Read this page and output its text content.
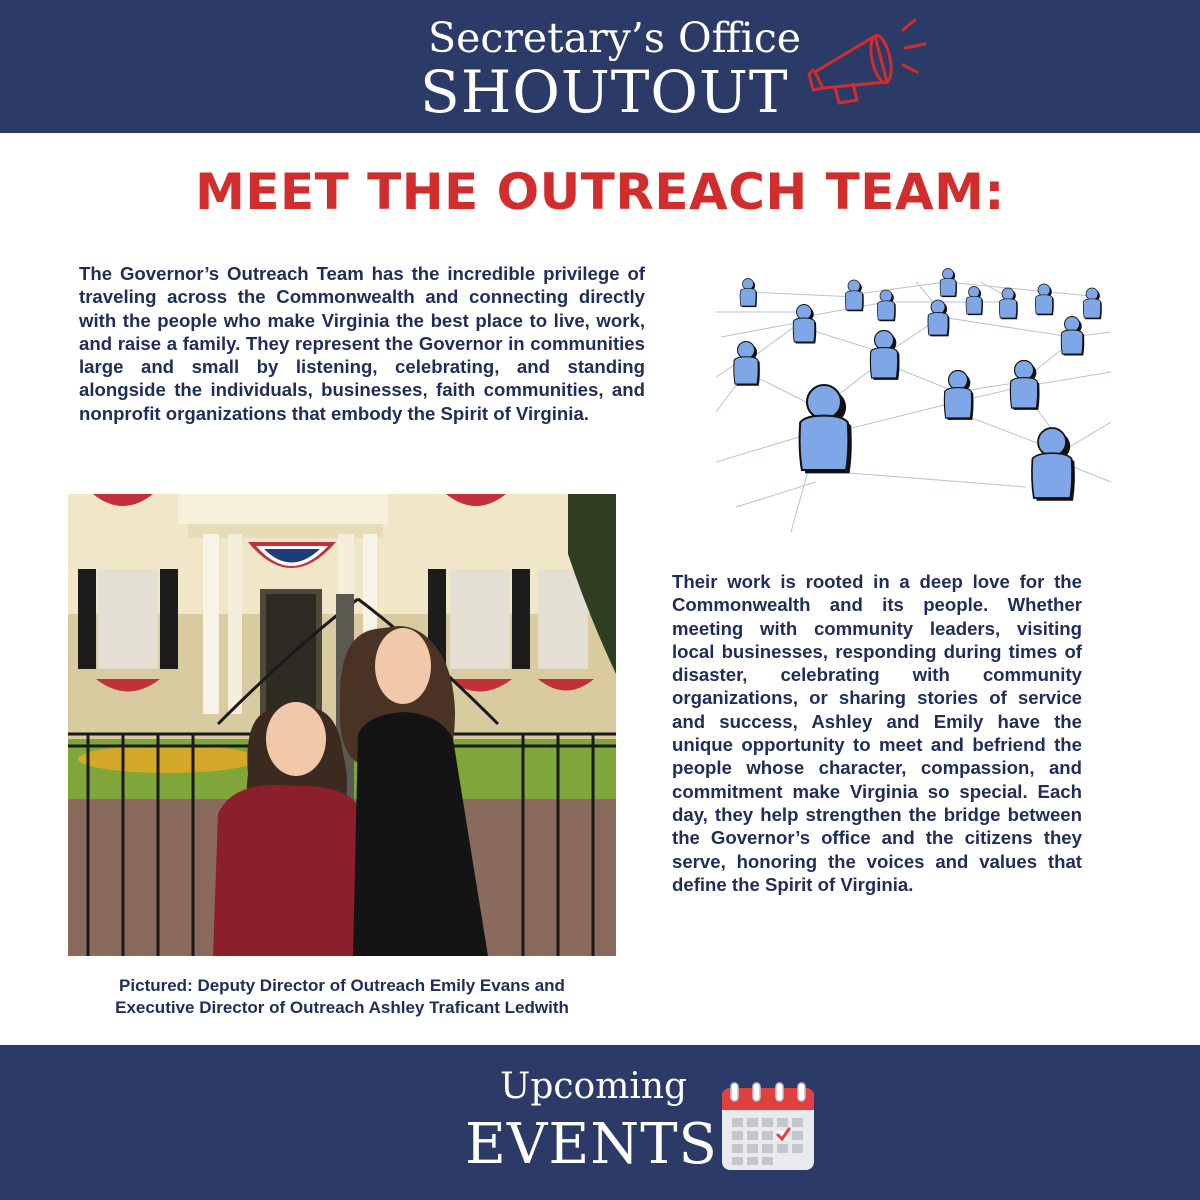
Secretary’s Office
SHOUTOUT
MEET THE OUTREACH TEAM:
The Governor’s Outreach Team has the incredible privilege of traveling across the Commonwealth and connecting directly with the people who make Virginia the best place to live, work, and raise a family. They represent the Governor in communities large and small by listening, celebrating, and standing alongside the individuals, businesses, faith communities, and nonprofit organizations that embody the Spirit of Virginia.
Pictured: Deputy Director of Outreach Emily Evans and
Executive Director of Outreach Ashley Traficant Ledwith
Their work is rooted in a deep love for the Commonwealth and its people. Whether meeting with community leaders, visiting local businesses, responding during times of disaster, celebrating with community organizations, or sharing stories of service and success, Ashley and Emily have the unique opportunity to meet and befriend the people whose character, compassion, and commitment make Virginia so special. Each day, they help strengthen the bridge between the Governor’s office and the citizens they serve, honoring the voices and values that define the Spirit of Virginia.
Upcoming
EVENTS
